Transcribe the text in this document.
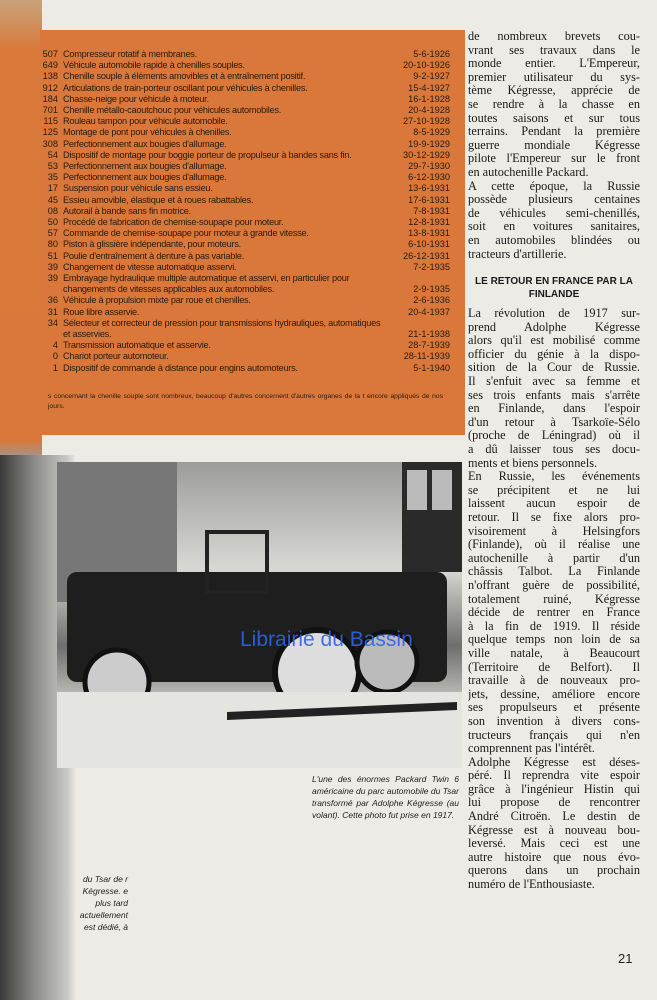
507 Compresseur rotatif à membranes.	5-6-1926
649 Véhicule automobile rapide à chenilles souples.	20-10-1926
138 Chenille souple à éléments amovibles et à entraînement positif.	9-2-1927
912 Articulations de train-porteur oscillant pour véhicules à chenilles.	15-4-1927
184 Chasse-neige pour véhicule à moteur.	16-1-1928
701 Chenille métallo-caoutchouc pour véhicules automobiles.	20-4-1928
115 Rouleau tampon pour véhicule automobile.	27-10-1928
125 Montage de pont pour véhicules à chenilles.	8-5-1929
308 Perfectionnement aux bougies d'allumage.	19-9-1929
54 Dispositif de montage pour boggie porteur de propulseur à bandes sans fin.	30-12-1929
53 Perfectionnement aux bougies d'allumage.	29-7-1930
35 Perfectionnement aux bougies d'allumage.	6-12-1930
17 Suspension pour véhicule sans essieu.	13-6-1931
45 Essieu amovible, élastique et à roues rabattables.	17-6-1931
08 Autorail à bande sans fin motrice.	7-8-1931
50 Procédé de fabrication de chemise-soupape pour moteur.	12-8-1931
57 Commande de chemise-soupape pour moteur à grande vitesse.	13-8-1931
80 Piston à glissière indépendante, pour moteurs.	6-10-1931
51 Poulie d'entraînement à denture à pas variable.	26-12-1931
39 Changement de vitesse automatique asservi.	7-2-1935
39 Embrayage hydraulique multiple automatique et asservi, en particulier pour changements de vitesses applicables aux automobiles.	2-9-1935
36 Véhicule à propulsion mixte par roue et chenilles.	2-6-1936
31 Roue libre asservie.	20-4-1937
34 Sélecteur et correcteur de pression pour transmissions hydrauliques, automatiques et asservies.	21-1-1938
4 Transmission automatique et asservie.	28-7-1939
0 Chariot porteur automoteur.	28-11-1939
1 Dispositif de commande à distance pour engins automoteurs.	5-1-1940
s concernant la chenille souple sont nombreux, beaucoup d'autres concernent d'autres organes de la t encore appliqués de nos jours.
L'une des énormes Packard Twin 6 américaine du parc automobile du Tsar transformé par Adolphe Kégresse (au volant). Cette photo fut prise en 1917.
du Tsar de r Kégresse. e plus tard actuellement est dédié, à
de nombreux brevets cou-
vrant ses travaux dans le
monde entier. L'Empereur,
premier utilisateur du sys-
tème Kégresse, apprécie de
se rendre à la chasse en
toutes saisons et sur tous
terrains. Pendant la première
guerre mondiale Kégresse
pilote l'Empereur sur le front
en autochenille Packard.
A cette époque, la Russie
possède plusieurs centaines
de véhicules semi-chenillés,
soit en voitures sanitaires,
en automobiles blindées ou
tracteurs d'artillerie.
LE RETOUR EN FRANCE PAR LA FINLANDE
La révolution de 1917 sur-
prend Adolphe Kégresse
alors qu'il est mobilisé comme
officier du génie à la dispo-
sition de la Cour de Russie.
Il s'enfuit avec sa femme et
ses trois enfants mais s'arrête
en Finlande, dans l'espoir
d'un retour à Tsarkoïe-Sélo
(proche de Léningrad) où il
a dû laisser tous ses docu-
ments et biens personnels.
En Russie, les événements
se précipitent et ne lui
laissent aucun espoir de
retour. Il se fixe alors pro-
visoirement à Helsingfors
(Finlande), où il réalise une
autochenille à partir d'un
châssis Talbot. La Finlande
n'offrant guère de possibilité,
totalement ruiné, Kégresse
décide de rentrer en France
à la fin de 1919. Il réside
quelque temps non loin de sa
ville natale, à Beaucourt
(Territoire de Belfort). Il
travaille à de nouveaux pro-
jets, dessine, améliore encore
ses propulseurs et présente
son invention à divers cons-
tructeurs français qui n'en
comprennent pas l'intérêt.
Adolphe Kégresse est déses-
péré. Il reprendra vite espoir
grâce à l'ingénieur Histin qui
lui propose de rencontrer
André Citroën. Le destin de
Kégresse est à nouveau bou-
leversé. Mais ceci est une
autre histoire que nous évo-
querons dans un prochain
numéro de l'Enthousiaste.
Librairie du Bassin
21
